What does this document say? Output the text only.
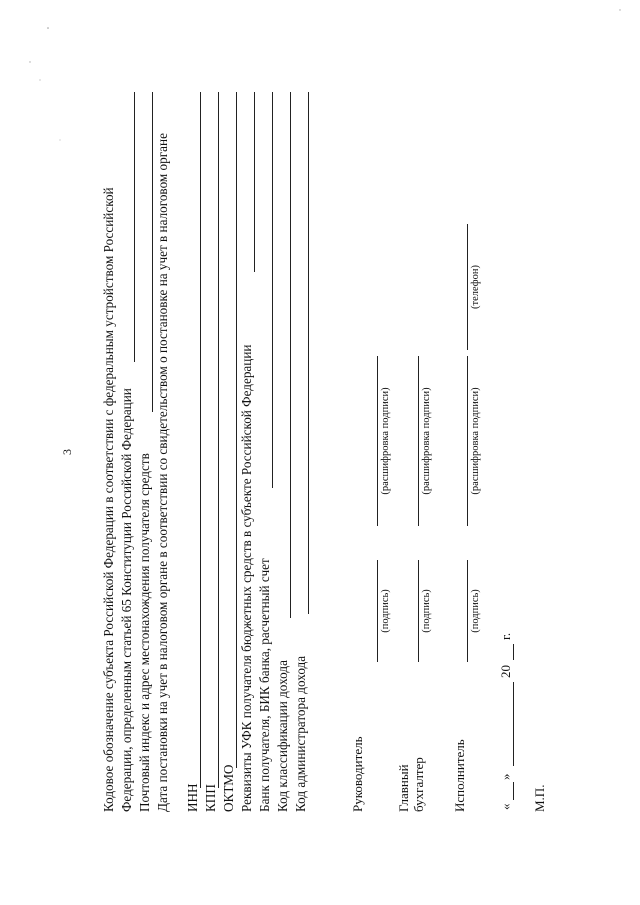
3 Кодовое обозначение субъекта Российской Федерации в соответствии с федеральным устройством Российской Федерации, определенным статьей 65 Конституции Российской Федерации Почтовый индекс и адрес местонахождения получателя средств Дата постановки на учет в налоговом органе в соответствии со свидетельством о постановке на учет в налоговом органе ИНН КПП ОКТМО Реквизиты УФК получателя бюджетных средств в субъекте Российской Федерации Банк получателя, БИК банка, расчетный счет Код классификации дохода Код администратора дохода	Руководитель
(подпись)
(расшифровка подписи)
Главный бухгалтер
(подпись)
(расшифровка подписи)
Исполнитель
(подпись)
(расшифровка подписи)
(телефон)
«
»
20
г.
М.П.
